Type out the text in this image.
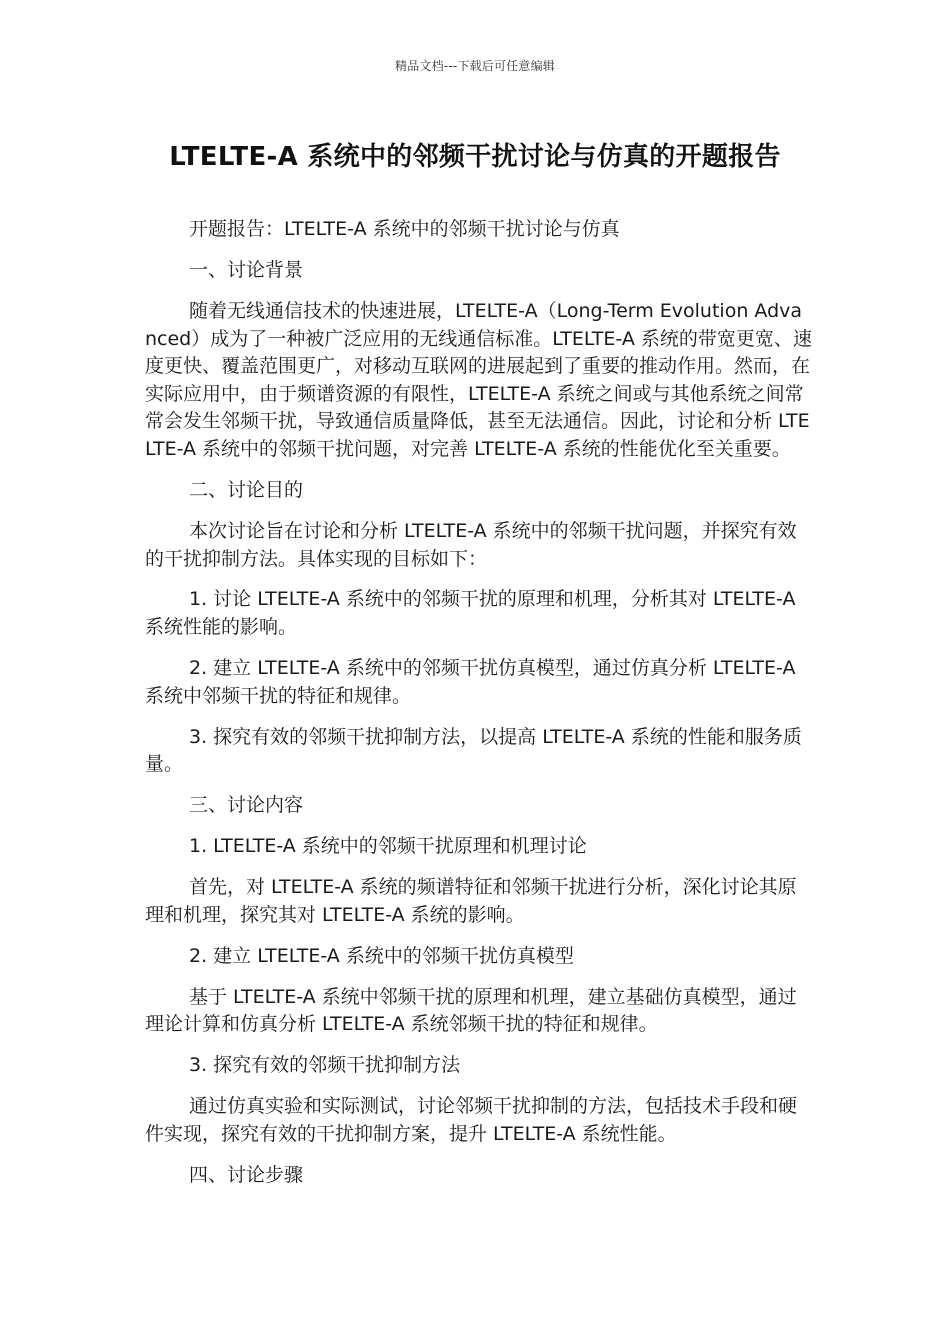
精品文档---下载后可任意编辑
LTELTE-A 系统中的邻频干扰讨论与仿真的开题报告

开题报告：LTELTE-A 系统中的邻频干扰讨论与仿真

一、讨论背景

随着无线通信技术的快速进展，LTELTE-A（Long-Term Evolution Advanced）成为了一种被广泛应用的无线通信标准。LTELTE-A 系统的带宽更宽、速度更快、覆盖范围更广，对移动互联网的进展起到了重要的推动作用。然而，在实际应用中，由于频谱资源的有限性，LTELTE-A 系统之间或与其他系统之间常常会发生邻频干扰，导致通信质量降低，甚至无法通信。因此，讨论和分析 LTELTE-A 系统中的邻频干扰问题，对完善 LTELTE-A 系统的性能优化至关重要。

二、讨论目的

本次讨论旨在讨论和分析 LTELTE-A 系统中的邻频干扰问题，并探究有效的干扰抑制方法。具体实现的目标如下：

1. 讨论 LTELTE-A 系统中的邻频干扰的原理和机理，分析其对 LTELTE-A 系统性能的影响。

2. 建立 LTELTE-A 系统中的邻频干扰仿真模型，通过仿真分析 LTELTE-A 系统中邻频干扰的特征和规律。

3. 探究有效的邻频干扰抑制方法，以提高 LTELTE-A 系统的性能和服务质量。

三、讨论内容

1. LTELTE-A 系统中的邻频干扰原理和机理讨论

首先，对 LTELTE-A 系统的频谱特征和邻频干扰进行分析，深化讨论其原理和机理，探究其对 LTELTE-A 系统的影响。

2. 建立 LTELTE-A 系统中的邻频干扰仿真模型

基于 LTELTE-A 系统中邻频干扰的原理和机理，建立基础仿真模型，通过理论计算和仿真分析 LTELTE-A 系统邻频干扰的特征和规律。

3. 探究有效的邻频干扰抑制方法

通过仿真实验和实际测试，讨论邻频干扰抑制的方法，包括技术手段和硬件实现，探究有效的干扰抑制方案，提升 LTELTE-A 系统性能。

四、讨论步骤
